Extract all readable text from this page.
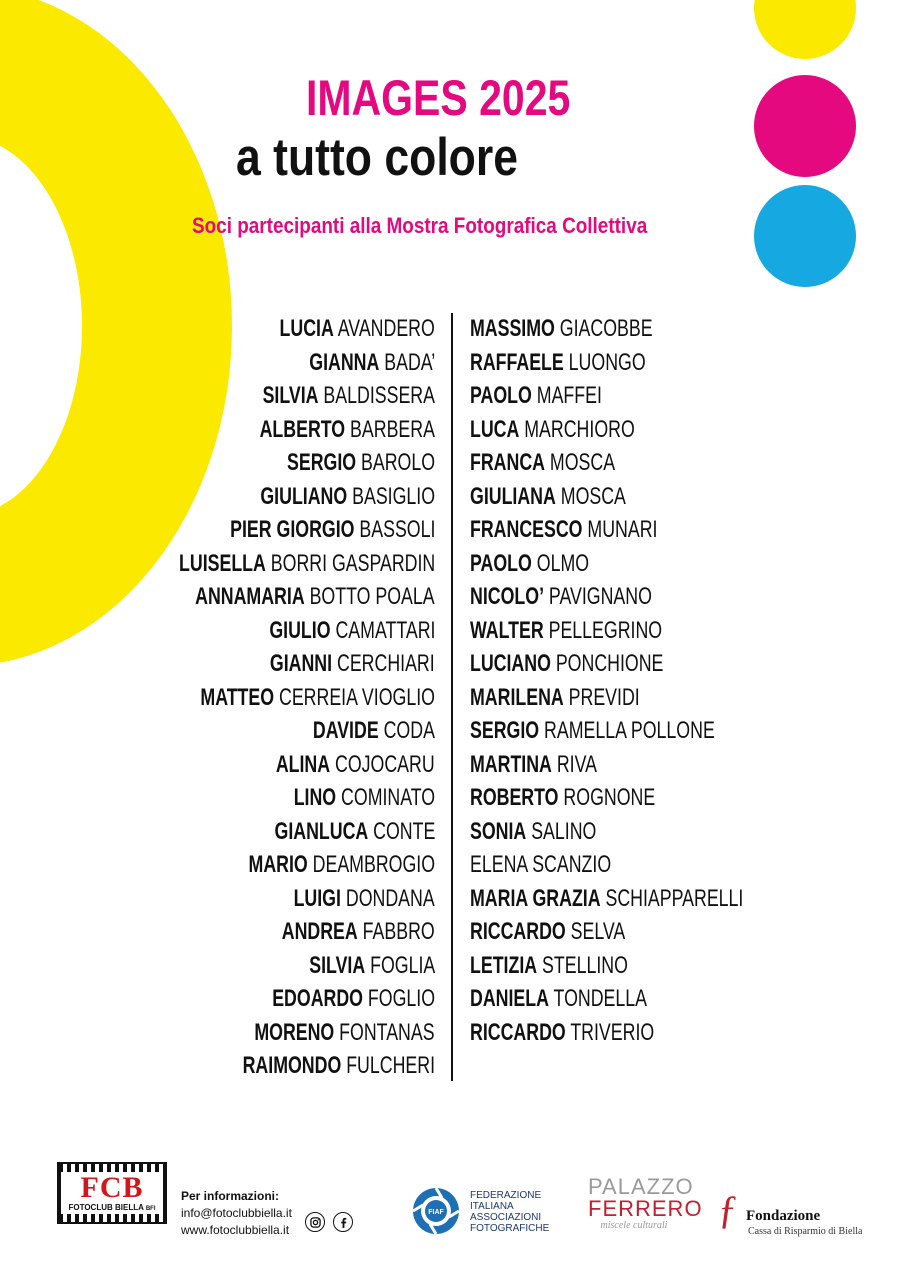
IMAGES 2025
a tutto colore
Soci partecipanti alla Mostra Fotografica Collettiva
LUCIA AVANDERO
GIANNA BADA’
SILVIA BALDISSERA
ALBERTO BARBERA
SERGIO BAROLO
GIULIANO BASIGLIO
PIER GIORGIO BASSOLI
LUISELLA BORRI GASPARDIN
ANNAMARIA BOTTO POALA
GIULIO CAMATTARI
GIANNI CERCHIARI
MATTEO CERREIA VIOGLIO
DAVIDE CODA
ALINA COJOCARU
LINO COMINATO
GIANLUCA CONTE
MARIO DEAMBROGIO
LUIGI DONDANA
ANDREA FABBRO
SILVIA FOGLIA
EDOARDO FOGLIO
MORENO FONTANAS
RAIMONDO FULCHERI
MASSIMO GIACOBBE
RAFFAELE LUONGO
PAOLO MAFFEI
LUCA MARCHIORO
FRANCA MOSCA
GIULIANA MOSCA
FRANCESCO MUNARI
PAOLO OLMO
NICOLO’ PAVIGNANO
WALTER PELLEGRINO
LUCIANO PONCHIONE
MARILENA PREVIDI
SERGIO RAMELLA POLLONE
MARTINA RIVA
ROBERTO ROGNONE
SONIA SALINO
ELENA SCANZIO
MARIA GRAZIA SCHIAPPARELLI
RICCARDO SELVA
LETIZIA STELLINO
DANIELA TONDELLA
RICCARDO TRIVERIO
FCB
FOTOCLUB BIELLA BFI
Per informazioni:
info@fotoclubbiella.it
www.fotoclubbiella.it
FIAF
FEDERAZIONE
ITALIANA
ASSOCIAZIONI
FOTOGRAFICHE
PALAZZO
FERRERO
miscele culturali	ƒ Fondazione
Cassa di Risparmio di Biella
